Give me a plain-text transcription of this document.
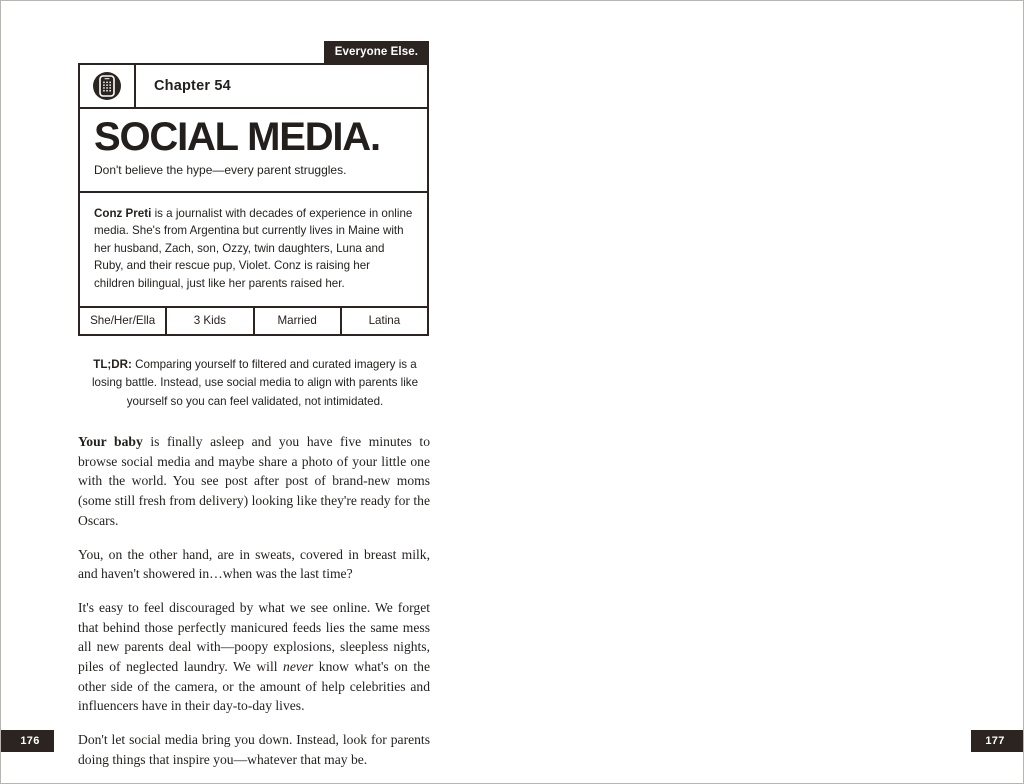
Everyone Else.
Chapter 54
SOCIAL MEDIA.

Don't believe the hype—every parent struggles.

Conz Preti is a journalist with decades of experience in online media. She's from Argentina but currently lives in Maine with her husband, Zach, son, Ozzy, twin daughters, Luna and Ruby, and their rescue pup, Violet. Conz is raising her children bilingual, just like her parents raised her.
She/Her/Ella	3 Kids	Married	Latina
TL;DR: Comparing yourself to filtered and curated imagery is a losing battle. Instead, use social media to align with parents like yourself so you can feel validated, not intimidated.

Your baby is finally asleep and you have five minutes to browse social media and maybe share a photo of your little one with the world. You see post after post of brand-new moms (some still fresh from delivery) looking like they're ready for the Oscars.

You, on the other hand, are in sweats, covered in breast milk, and haven't showered in…when was the last time?

It's easy to feel discouraged by what we see online. We forget that behind those perfectly manicured feeds lies the same mess all new parents deal with—poopy explosions, sleepless nights, piles of neglected laundry. We will never know what's on the other side of the camera, or the amount of help celebrities and influencers have in their day-to-day lives.

Don't let social media bring you down. Instead, look for parents doing things that inspire you—whatever that may be.

176	177
